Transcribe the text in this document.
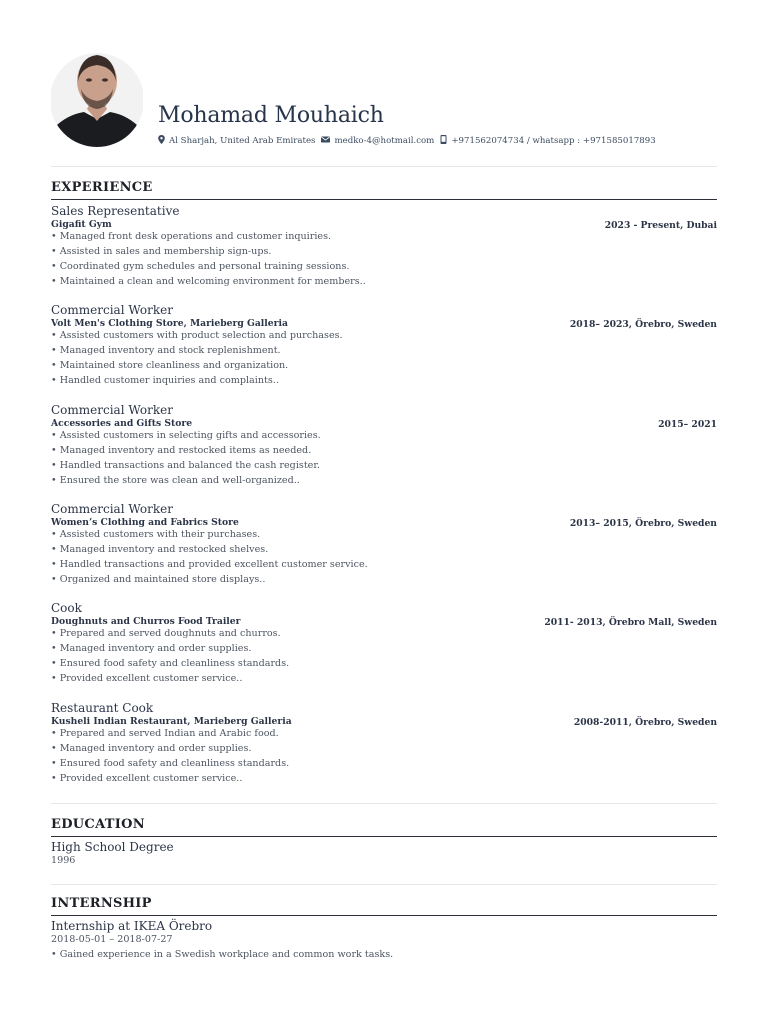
Mohamad Mouhaich
Al Sharjah, United Arab Emirates medko-4@hotmail.com +971562074734 / whatsapp : +971585017893
EXPERIENCE
Sales Representative
Gigafit Gym	2023 - Present, Dubai
• Managed front desk operations and customer inquiries.
• Assisted in sales and membership sign-ups.
• Coordinated gym schedules and personal training sessions.
• Maintained a clean and welcoming environment for members..
Commercial Worker
Volt Men's Clothing Store, Marieberg Galleria	2018– 2023, Örebro, Sweden
• Assisted customers with product selection and purchases.
• Managed inventory and stock replenishment.
• Maintained store cleanliness and organization.
• Handled customer inquiries and complaints..
Commercial Worker
Accessories and Gifts Store	2015– 2021
• Assisted customers in selecting gifts and accessories.
• Managed inventory and restocked items as needed.
• Handled transactions and balanced the cash register.
• Ensured the store was clean and well-organized..
Commercial Worker
Women’s Clothing and Fabrics Store	2013– 2015, Örebro, Sweden
• Assisted customers with their purchases.
• Managed inventory and restocked shelves.
• Handled transactions and provided excellent customer service.
• Organized and maintained store displays..
Cook
Doughnuts and Churros Food Trailer	2011- 2013, Örebro Mall, Sweden
• Prepared and served doughnuts and churros.
• Managed inventory and order supplies.
• Ensured food safety and cleanliness standards.
• Provided excellent customer service..
Restaurant Cook
Kusheli Indian Restaurant, Marieberg Galleria	2008-2011, Örebro, Sweden
• Prepared and served Indian and Arabic food.
• Managed inventory and order supplies.
• Ensured food safety and cleanliness standards.
• Provided excellent customer service..
EDUCATION
High School Degree
1996
INTERNSHIP
Internship at IKEA Örebro
2018-05-01 – 2018-07-27
• Gained experience in a Swedish workplace and common work tasks.
